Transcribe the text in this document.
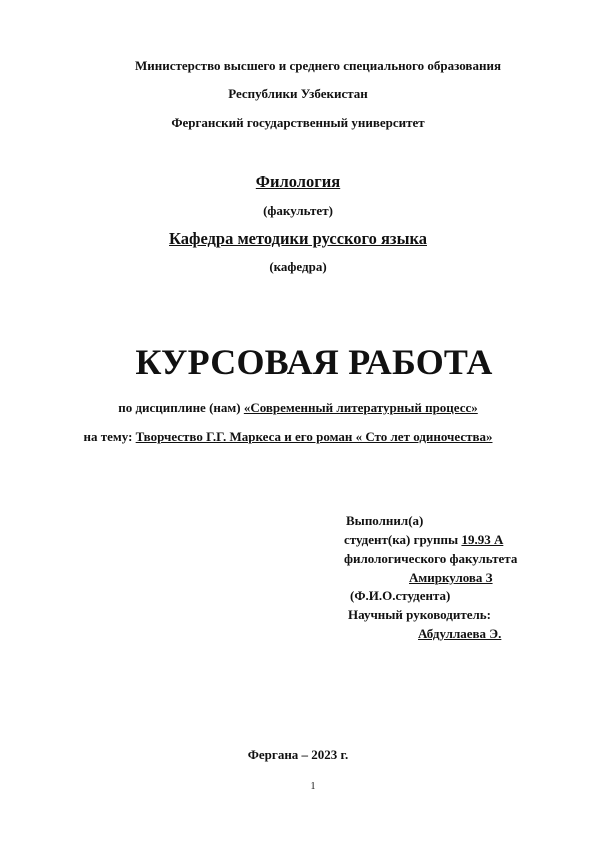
Министерство высшего и среднего специального образования
Республики Узбекистан
Ферганский государственный университет
Филология
(факультет)
Кафедра методики русского языка
(кафедра)
КУРСОВАЯ РАБОТА
по дисциплине (нам) «Современный литературный процесс»
на тему: Творчество Г.Г. Маркеса и его роман « Сто лет одиночества»
Выполнил(а)
студент(ка) группы 19.93 А
филологического факультета
Амиркулова З
(Ф.И.О.студента)
Научный руководитель:
Абдуллаева Э.
Фергана – 2023 г.
1
